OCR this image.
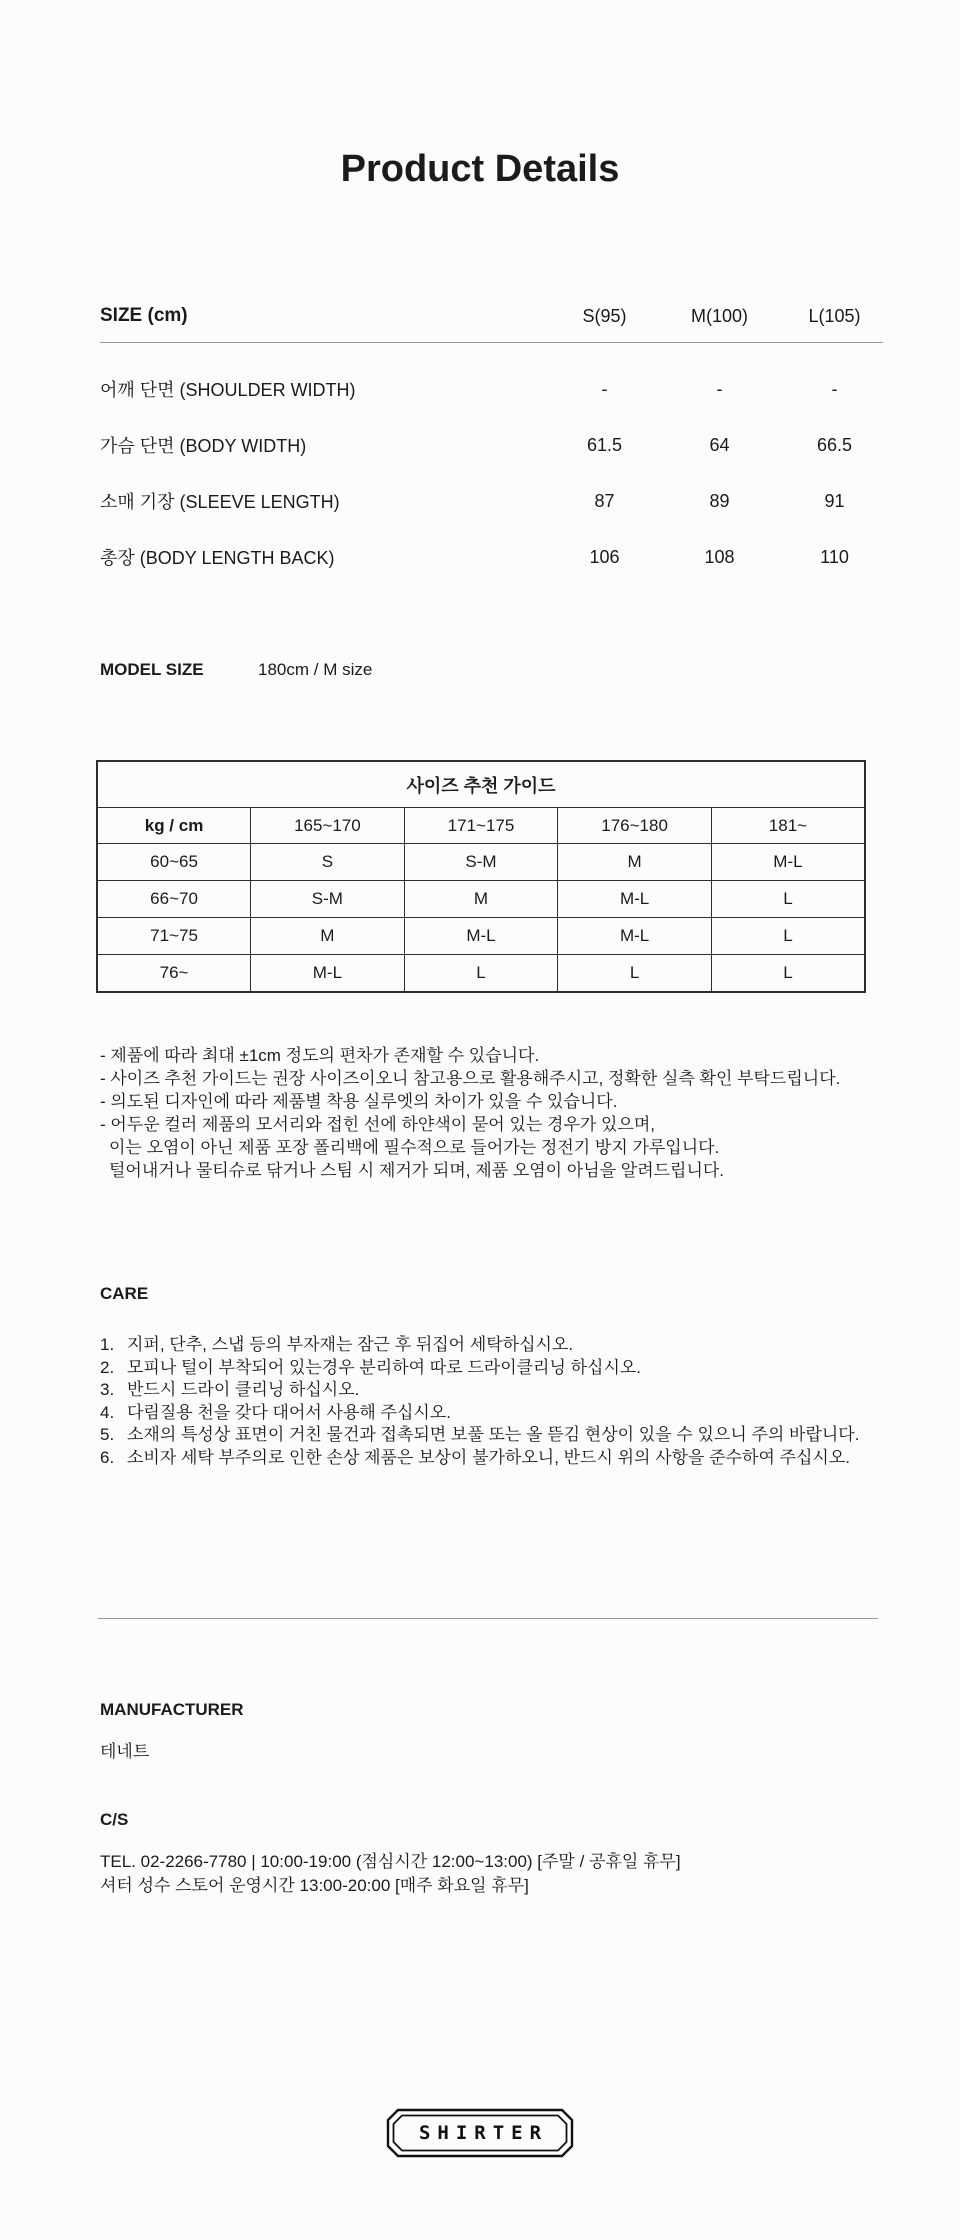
Product Details
SIZE (cm)	S(95)	M(100)	L(105)
어깨 단면 (SHOULDER WIDTH)	-	-	-
가슴 단면 (BODY WIDTH)	61.5	64	66.5
소매 기장 (SLEEVE LENGTH)	87	89	91
총장 (BODY LENGTH BACK)	106	108	110
MODEL SIZE	180cm / M size
사이즈 추천 가이드				
kg / cm	165~170	171~175	176~180	181~
60~65	S	S-M	M	M-L
66~70	S-M	M	M-L	L
71~75	M	M-L	M-L	L
76~	M-L	L	L	L
- 제품에 따라 최대 ±1cm 정도의 편차가 존재할 수 있습니다.
- 사이즈 추천 가이드는 권장 사이즈이오니 참고용으로 활용해주시고, 정확한 실측 확인 부탁드립니다.
- 의도된 디자인에 따라 제품별 착용 실루엣의 차이가 있을 수 있습니다.
- 어두운 컬러 제품의 모서리와 접힌 선에 하얀색이 묻어 있는 경우가 있으며,
이는 오염이 아닌 제품 포장 폴리백에 필수적으로 들어가는 정전기 방지 가루입니다.
털어내거나 물티슈로 닦거나 스팀 시 제거가 되며, 제품 오염이 아님을 알려드립니다.
CARE
1. 지퍼, 단추, 스냅 등의 부자재는 잠근 후 뒤집어 세탁하십시오.
2. 모피나 털이 부착되어 있는경우 분리하여 따로 드라이클리닝 하십시오.
3. 반드시 드라이 클리닝 하십시오.
4. 다림질용 천을 갖다 대어서 사용해 주십시오.
5. 소재의 특성상 표면이 거친 물건과 접촉되면 보풀 또는 올 뜯김 현상이 있을 수 있으니 주의 바랍니다.
6. 소비자 세탁 부주의로 인한 손상 제품은 보상이 불가하오니, 반드시 위의 사항을 준수하여 주십시오.
MANUFACTURER
테네트
C/S
TEL. 02-2266-7780 | 10:00-19:00 (점심시간 12:00~13:00) [주말 / 공휴일 휴무]
셔터 성수 스토어 운영시간 13:00-20:00 [매주 화요일 휴무]
SHIRTER
